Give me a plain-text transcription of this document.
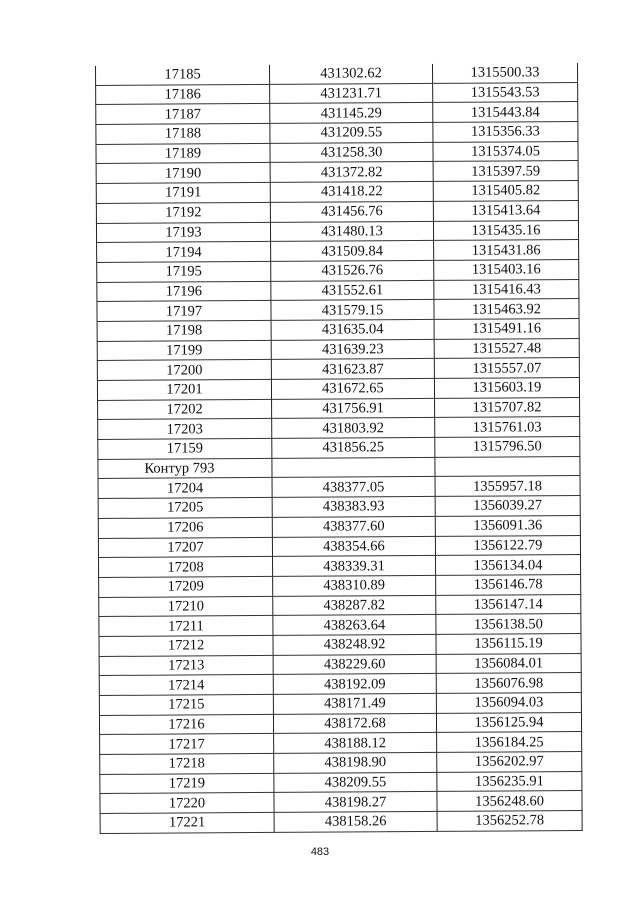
17185	431302.62	1315500.33
17186	431231.71	1315543.53
17187	431145.29	1315443.84
17188	431209.55	1315356.33
17189	431258.30	1315374.05
17190	431372.82	1315397.59
17191	431418.22	1315405.82
17192	431456.76	1315413.64
17193	431480.13	1315435.16
17194	431509.84	1315431.86
17195	431526.76	1315403.16
17196	431552.61	1315416.43
17197	431579.15	1315463.92
17198	431635.04	1315491.16
17199	431639.23	1315527.48
17200	431623.87	1315557.07
17201	431672.65	1315603.19
17202	431756.91	1315707.82
17203	431803.92	1315761.03
17159	431856.25	1315796.50
Контур 793		
17204	438377.05	1355957.18
17205	438383.93	1356039.27
17206	438377.60	1356091.36
17207	438354.66	1356122.79
17208	438339.31	1356134.04
17209	438310.89	1356146.78
17210	438287.82	1356147.14
17211	438263.64	1356138.50
17212	438248.92	1356115.19
17213	438229.60	1356084.01
17214	438192.09	1356076.98
17215	438171.49	1356094.03
17216	438172.68	1356125.94
17217	438188.12	1356184.25
17218	438198.90	1356202.97
17219	438209.55	1356235.91
17220	438198.27	1356248.60
17221	438158.26	1356252.78
483
